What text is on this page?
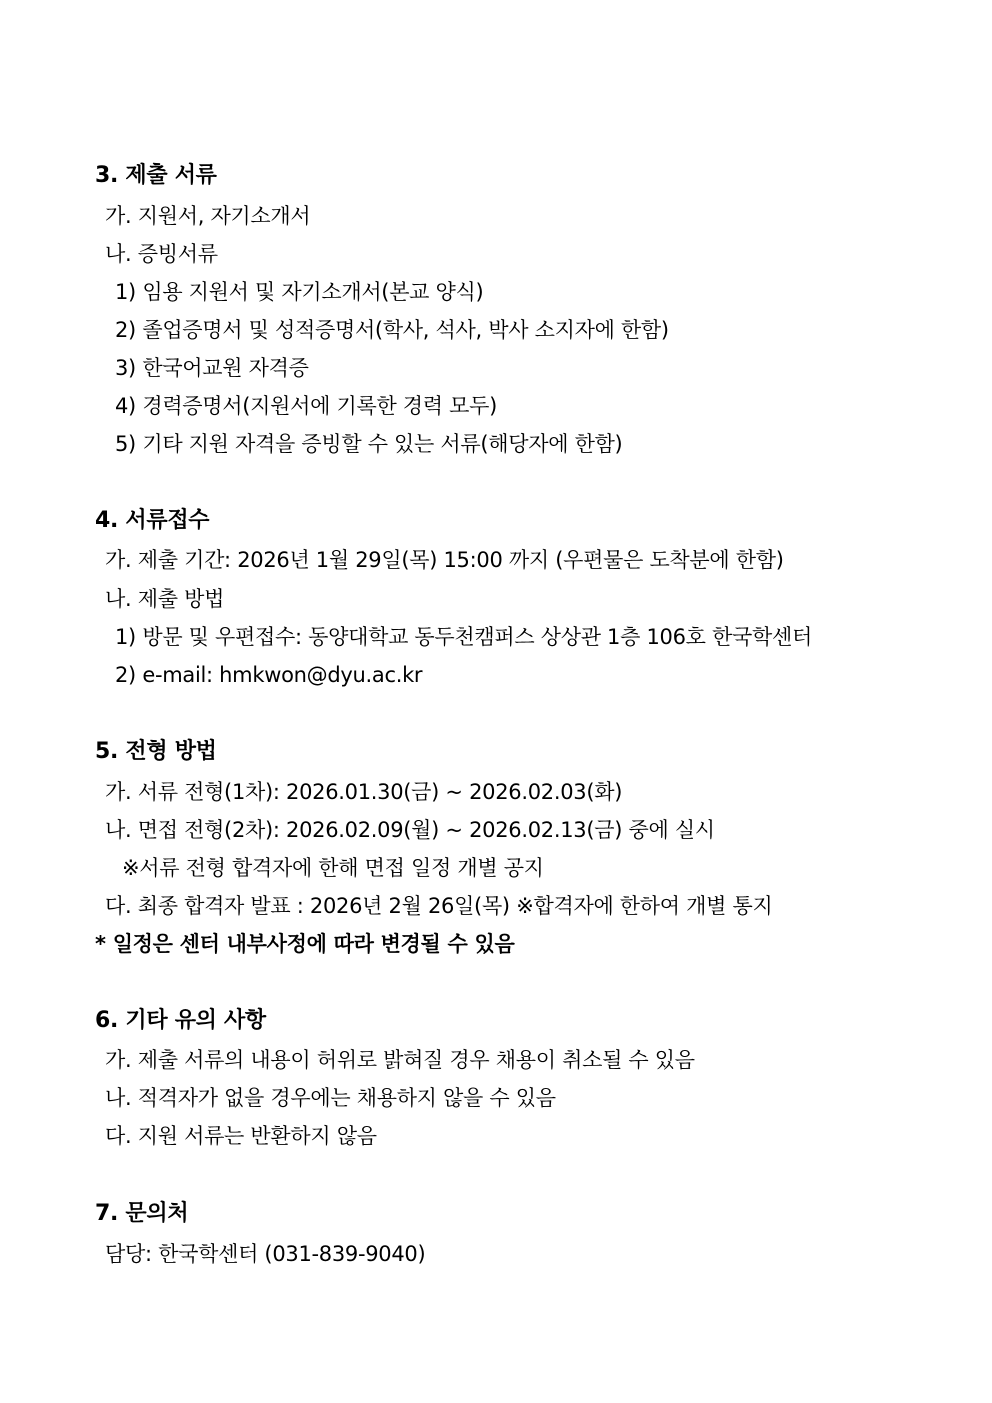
3. 제출 서류
가. 지원서, 자기소개서
나. 증빙서류
1) 임용 지원서 및 자기소개서(본교 양식)
2) 졸업증명서 및 성적증명서(학사, 석사, 박사 소지자에 한함)
3) 한국어교원 자격증
4) 경력증명서(지원서에 기록한 경력 모두)
5) 기타 지원 자격을 증빙할 수 있는 서류(해당자에 한함)
4. 서류접수
가. 제출 기간: 2026년 1월 29일(목) 15:00 까지 (우편물은 도착분에 한함)
나. 제출 방법
1) 방문 및 우편접수: 동양대학교 동두천캠퍼스 상상관 1층 106호 한국학센터
2) e-mail: hmkwon@dyu.ac.kr
5. 전형 방법
가. 서류 전형(1차): 2026.01.30(금) ~ 2026.02.03(화)
나. 면접 전형(2차): 2026.02.09(월) ~ 2026.02.13(금) 중에 실시
※서류 전형 합격자에 한해 면접 일정 개별 공지
다. 최종 합격자 발표 : 2026년 2월 26일(목) ※합격자에 한하여 개별 통지
* 일정은 센터 내부사정에 따라 변경될 수 있음
6. 기타 유의 사항
가. 제출 서류의 내용이 허위로 밝혀질 경우 채용이 취소될 수 있음
나. 적격자가 없을 경우에는 채용하지 않을 수 있음
다. 지원 서류는 반환하지 않음
7. 문의처
담당: 한국학센터 (031-839-9040)
